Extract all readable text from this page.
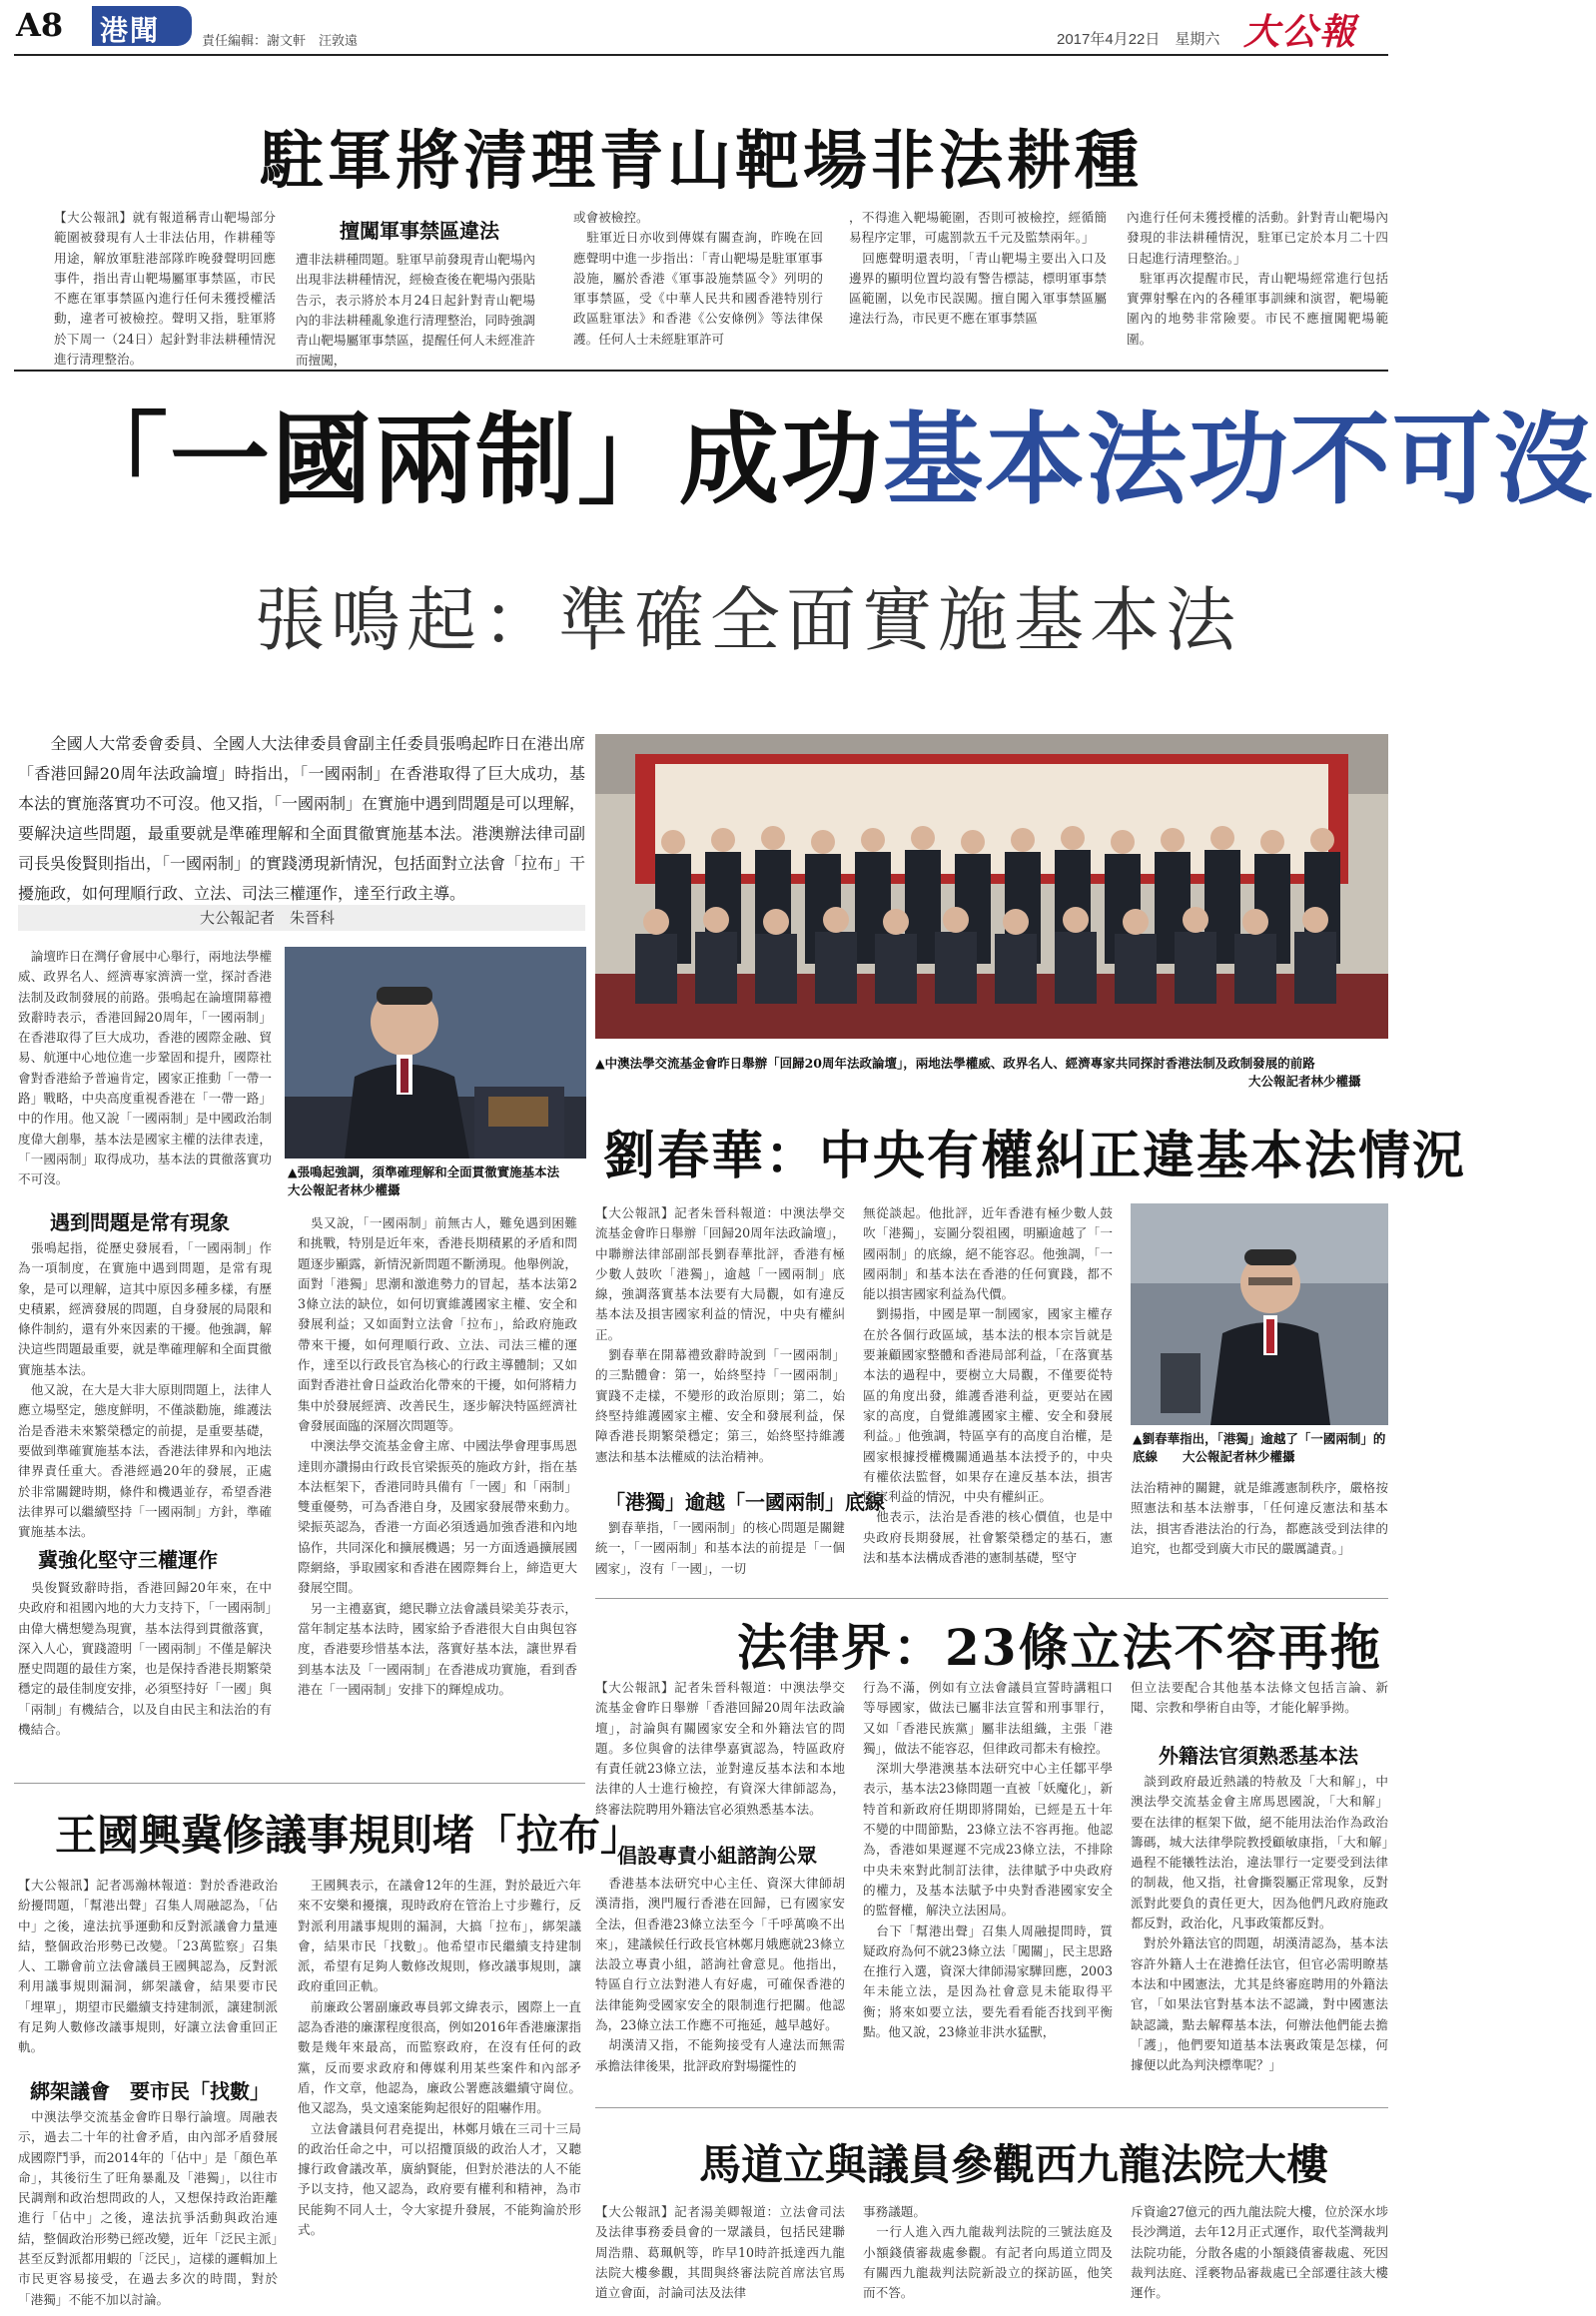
A8 港聞	責任編輯：謝文軒　汪敦遠	2017年4月22日　星期六 大公報
駐軍將清理青山靶場非法耕種
【大公報訊】就有報道稱青山靶場部分範圍被發現有人士非法佔用，作耕種等用途，解放軍駐港部隊昨晚發聲明回應事件，指出青山靶場屬軍事禁區，市民不應在軍事禁區內進行任何未獲授權活動，違者可被檢控。聲明又指，駐軍將於下周一（24日）起針對非法耕種情況進行清理整治。
擅闖軍事禁區違法
遭非法耕種問題。駐軍早前發現青山靶場內出現非法耕種情況，經檢查後在靶場內張貼告示，表示將於本月24日起針對青山靶場內的非法耕種亂象進行清理整治，同時強調青山靶場屬軍事禁區，提醒任何人未經准許而擅闖，
或會被檢控。
　駐軍近日亦收到傳媒有關查詢，昨晚在回應聲明中進一步指出：「青山靶場是駐軍軍事設施，屬於香港《軍事設施禁區令》列明的軍事禁區，受《中華人民共和國香港特別行政區駐軍法》和香港《公安條例》等法律保護。任何人士未經駐軍許可
，不得進入靶場範圍，否則可被檢控，經循簡易程序定罪，可處罰款五千元及監禁兩年。」
　回應聲明還表明，「青山靶場主要出入口及邊界的顯明位置均設有警告標誌，標明軍事禁區範圍，以免市民誤闖。擅自闖入軍事禁區屬違法行為，市民更不應在軍事禁區
內進行任何未獲授權的活動。針對青山靶場內發現的非法耕種情況，駐軍已定於本月二十四日起進行清理整治。」
　駐軍再次提醒市民，青山靶場經常進行包括實彈射擊在內的各種軍事訓練和演習，靶場範圍內的地勢非常險要。市民不應擅闖靶場範圍。
「一國兩制」成功基本法功不可沒
張鳴起：準確全面實施基本法
　　全國人大常委會委員、全國人大法律委員會副主任委員張鳴起昨日在港出席「香港回歸20周年法政論壇」時指出，「一國兩制」在香港取得了巨大成功，基本法的實施落實功不可沒。他又指，「一國兩制」在實施中遇到問題是可以理解，要解決這些問題，最重要就是準確理解和全面貫徹實施基本法。港澳辦法律司副司長吳俊賢則指出，「一國兩制」的實踐湧現新情況，包括面對立法會「拉布」干擾施政，如何理順行政、立法、司法三權運作，達至行政主導。
大公報記者　朱晉科
　論壇昨日在灣仔會展中心舉行，兩地法學權威、政界名人、經濟專家濟濟一堂，探討香港法制及政制發展的前路。張鳴起在論壇開幕禮致辭時表示，香港回歸20周年，「一國兩制」在香港取得了巨大成功，香港的國際金融、貿易、航運中心地位進一步鞏固和提升，國際社會對香港給予普遍肯定，國家正推動「一帶一路」戰略，中央高度重視香港在「一帶一路」中的作用。他又說「一國兩制」是中國政治制度偉大創舉，基本法是國家主權的法律表達，「一國兩制」取得成功，基本法的貫徹落實功不可沒。	▲張鳴起強調，須準確理解和全面貫徹實施基本法　　大公報記者林少權攝
遇到問題是常有現象
　張鳴起指，從歷史發展看，「一國兩制」作為一項制度，在實施中遇到問題，是常有現象，是可以理解，這其中原因多種多樣，有歷史積累，經濟發展的問題，自身發展的局限和條件制約，還有外來因素的干擾。他強調，解決這些問題最重要，就是準確理解和全面貫徹實施基本法。
　他又說，在大是大非大原則問題上，法律人應立場堅定，態度鮮明，不僅談勸施，維護法治是香港未來繁榮穩定的前提，是重要基礎，要做到準確實施基本法，香港法律界和內地法律界責任重大。香港經過20年的發展，正處於非常關鍵時期，條件和機遇並存，希望香港法律界可以繼續堅持「一國兩制」方針，準確實施基本法。
冀強化堅守三權運作
　吳俊賢致辭時指，香港回歸20年來，在中央政府和祖國內地的大力支持下，「一國兩制」由偉大構想變為現實，基本法得到貫徹落實，深入人心，實踐證明「一國兩制」不僅是解決歷史問題的最佳方案，也是保持香港長期繁榮穩定的最佳制度安排，必須堅持好「一國」與「兩制」有機結合，以及自由民主和法治的有機結合。
　吳又說，「一國兩制」前無古人，難免遇到困難和挑戰，特別是近年來，香港長期積累的矛盾和問題逐步顯露，新情況新問題不斷湧現。他舉例說，面對「港獨」思潮和激進勢力的冒起，基本法第23條立法的缺位，如何切實維護國家主權、安全和發展利益；又如面對立法會「拉布」，給政府施政帶來干擾，如何理順行政、立法、司法三權的運作，達至以行政長官為核心的行政主導體制；又如面對香港社會日益政治化帶來的干擾，如何將精力集中於發展經濟、改善民生，逐步解決特區經濟社會發展面臨的深層次問題等。
　中澳法學交流基金會主席、中國法學會理事馬恩達則亦讚揚由行政長官梁振英的施政方針，指在基本法框架下，香港同時具備有「一國」和「兩制」雙重優勢，可為香港自身，及國家發展帶來動力。梁振英認為，香港一方面必須透過加強香港和內地協作，共同深化和擴展機遇；另一方面透過擴展國際網絡，爭取國家和香港在國際舞台上，締造更大發展空間。
　另一主禮嘉賓，總民聯立法會議員梁美芬表示，當年制定基本法時，國家給予香港很大自由與包容度，香港要珍惜基本法，落實好基本法，讓世界看到基本法及「一國兩制」在香港成功實施，看到香港在「一國兩制」安排下的輝煌成功。
▲中澳法學交流基金會昨日舉辦「回歸20周年法政論壇」，兩地法學權威、政界名人、經濟專家共同探討香港法制及政制發展的前路
大公報記者林少權攝
劉春華：中央有權糾正違基本法情況
【大公報訊】記者朱晉科報道：中澳法學交流基金會昨日舉辦「回歸20周年法政論壇」，中聯辦法律部副部長劉春華批評，香港有極少數人鼓吹「港獨」，逾越「一國兩制」底線，強調落實基本法要有大局觀，如有違反基本法及損害國家利益的情況，中央有權糾正。
　劉春華在開幕禮致辭時說到「一國兩制」的三點體會：第一，始終堅持「一國兩制」實踐不走樣，不變形的政治原則；第二，始終堅持維護國家主權、安全和發展利益，保障香港長期繁榮穩定；第三，始終堅持維護憲法和基本法權威的法治精神。
「港獨」逾越「一國兩制」底線
　劉春華指，「一國兩制」的核心問題是關鍵統一，「一國兩制」和基本法的前提是「一個國家」，沒有「一國」，一切
無從談起。他批評，近年香港有極少數人鼓吹「港獨」，妄圖分裂祖國，明顯逾越了「一國兩制」的底線，絕不能容忍。他強調，「一國兩制」和基本法在香港的任何實踐，都不能以損害國家利益為代價。
　劉揚指，中國是單一制國家，國家主權存在於各個行政區域，基本法的根本宗旨就是要兼顧國家整體和香港局部利益，「在落實基本法的過程中，要樹立大局觀，不僅要從特區的角度出發，維護香港利益，更要站在國家的高度，自覺維護國家主權、安全和發展利益。」他強調，特區享有的高度自治權，是國家根據授權機關通過基本法授予的，中央有權依法監督，如果存在違反基本法，損害國家利益的情況，中央有權糾正。
　他表示，法治是香港的核心價值，也是中央政府長期發展，社會繁榮穩定的基石，憲法和基本法構成香港的憲制基礎，堅守
▲劉春華指出，「港獨」逾越了「一國兩制」的底線　　大公報記者林少權攝
法治精神的關鍵，就是維護憲制秩序，嚴格按照憲法和基本法辦事，「任何違反憲法和基本法，損害香港法治的行為，都應該受到法律的追究，也都受到廣大市民的嚴厲譴責。」
王國興冀修議事規則堵「拉布」
【大公報訊】記者馮瀚林報道：對於香港政治紛擾問題，「幫港出聲」召集人周融認為，「佔中」之後，違法抗爭運動和反對派議會力量連結，整個政治形勢已改變。「23萬監察」召集人、工聯會前立法會議員王國興認為，反對派利用議事規則漏洞，綁架議會，結果要市民「埋單」，期望市民繼續支持建制派，讓建制派有足夠人數修改議事規則，好讓立法會重回正軌。
綁架議會　要市民「找數」
　中澳法學交流基金會昨日舉行論壇。周融表示，過去二十年的社會矛盾，由內部矛盾發展成國際鬥爭，而2014年的「佔中」是「顏色革命」，其後衍生了旺角暴亂及「港獨」，以往市民調劑和政治想問政的人，又想保持政治距離進行「佔中」之後，違法抗爭活動與政治連結，整個政治形勢已經改變，近年「泛民主派」甚至反對派都用蝦的「泛民」，這樣的邏輯加上市民更容易接受，在過去多次的時間，對於「港獨」不能不加以討論。
　王國興表示，在議會12年的生涯，對於最近六年來不安樂和擾攘，現時政府在管治上寸步難行，反對派利用議事規則的漏洞，大搞「拉布」，綁架議會，結果市民「找數」。他希望市民繼續支持建制派，希望有足夠人數修改規則，修改議事規則，讓政府重回正軌。
　前廉政公署副廉政專員郭文緯表示，國際上一直認為香港的廉潔程度很高，例如2016年香港廉潔指數是幾年來最高，而監察政府，在沒有任何的政黨，反而要求政府和傳媒利用某些案件和內部矛盾，作文章，他認為，廉政公署應該繼續守崗位。他又認為，吳文遠案能夠起很好的阻嚇作用。
　立法會議員何君堯提出，林鄭月娥在三司十三局的政治任命之中，可以招攬頂級的政治人才，又聽據行政會議改革，廣納賢能，但對於港法的人不能予以支持，他又認為，政府要有權利和精神，為市民能夠不同人士，令大家提升發展，不能夠淪於形式。
法律界：23條立法不容再拖
【大公報訊】記者朱晉科報道：中澳法學交流基金會昨日舉辦「香港回歸20周年法政論壇」，討論與有關國家安全和外籍法官的問題。多位與會的法律學嘉賓認為，特區政府有責任就23條立法，並對違反基本法和本地法律的人士進行檢控，有資深大律師認為，終審法院聘用外籍法官必須熟悉基本法。
倡設專責小組諮詢公眾
　香港基本法研究中心主任、資深大律師胡漢清指，澳門履行香港在回歸，已有國家安全法，但香港23條立法至今「千呼萬喚不出來」，建議候任行政長官林鄭月娥應就23條立法設立專責小組，諮詢社會意見。他指出，特區自行立法對港人有好處，可確保香港的法律能夠受國家安全的限制進行把關。他認為，23條立法工作應不可拖延，越早越好。
　胡漢清又指，不能夠接受有人違法而無需承擔法律後果，批評政府對場擺性的
行為不滿，例如有立法會議員宣誓時講粗口等辱國家，做法已屬非法宣誓和刑事罪行，又如「香港民族黨」屬非法組織，主張「港獨」，做法不能容忍，但律政司都未有檢控。
　深圳大學港澳基本法研究中心主任鄒平學表示，基本法23條問題一直被「妖魔化」，新特首和新政府任期即將開始，已經是五十年不變的中間節點，23條立法不容再拖。他認為，香港如果遲遲不完成23條立法，不排除中央未來對此制訂法律，法律賦予中央政府的權力，及基本法賦予中央對香港國家安全的監督權，解決立法困局。
　台下「幫港出聲」召集人周融提問時，質疑政府為何不就23條立法「闖關」，民主思路在推行入選，資深大律師湯家驊回應，2003年未能立法，是因為社會意見未能取得平衡；將來如要立法，要先看看能否找到平衡點。他又說，23條並非洪水猛獸，
但立法要配合其他基本法條文包括言論、新聞、宗教和學術自由等，才能化解爭拗。
外籍法官須熟悉基本法
　談到政府最近熱議的特赦及「大和解」，中澳法學交流基金會主席馬恩國說，「大和解」要在法律的框架下做，絕不能用法治作為政治籌碼，城大法律學院教授顧敏康指，「大和解」過程不能犧牲法治，違法罪行一定要受到法律的制裁，他又指，社會撕裂屬正常現象，反對派對此要負的責任更大，因為他們凡政府施政都反對，政治化，凡事政策都反對。
　對於外籍法官的問題，胡漢清認為，基本法容許外籍人士在港擔任法官，但官必需明瞭基本法和中國憲法，尤其是終審庭聘用的外籍法官，「如果法官對基本法不認識，對中國憲法缺認識，點去解釋基本法，何辦法他們能去擔「護」，他們要知道基本法裏政策是怎樣，何據便以此為判決標準呢？」
馬道立與議員參觀西九龍法院大樓
【大公報訊】記者湯美卿報道：立法會司法及法律事務委員會的一眾議員，包括民建聯周浩鼎、葛珮帆等，昨早10時許抵達西九龍法院大樓參觀，其間與終審法院首席法官馬道立會面，討論司法及法律
事務議題。
　一行人進入西九龍裁判法院的三號法庭及小額錢債審裁處參觀。有記者向馬道立問及有關西九龍裁判法院新設立的探訪區，他笑而不答。
斥資逾27億元的西九龍法院大樓，位於深水埗長沙灣道，去年12月正式運作，取代荃灣裁判法院功能，分散各處的小額錢債審裁處、死因裁判法庭、淫褻物品審裁處已全部遷往該大樓運作。
